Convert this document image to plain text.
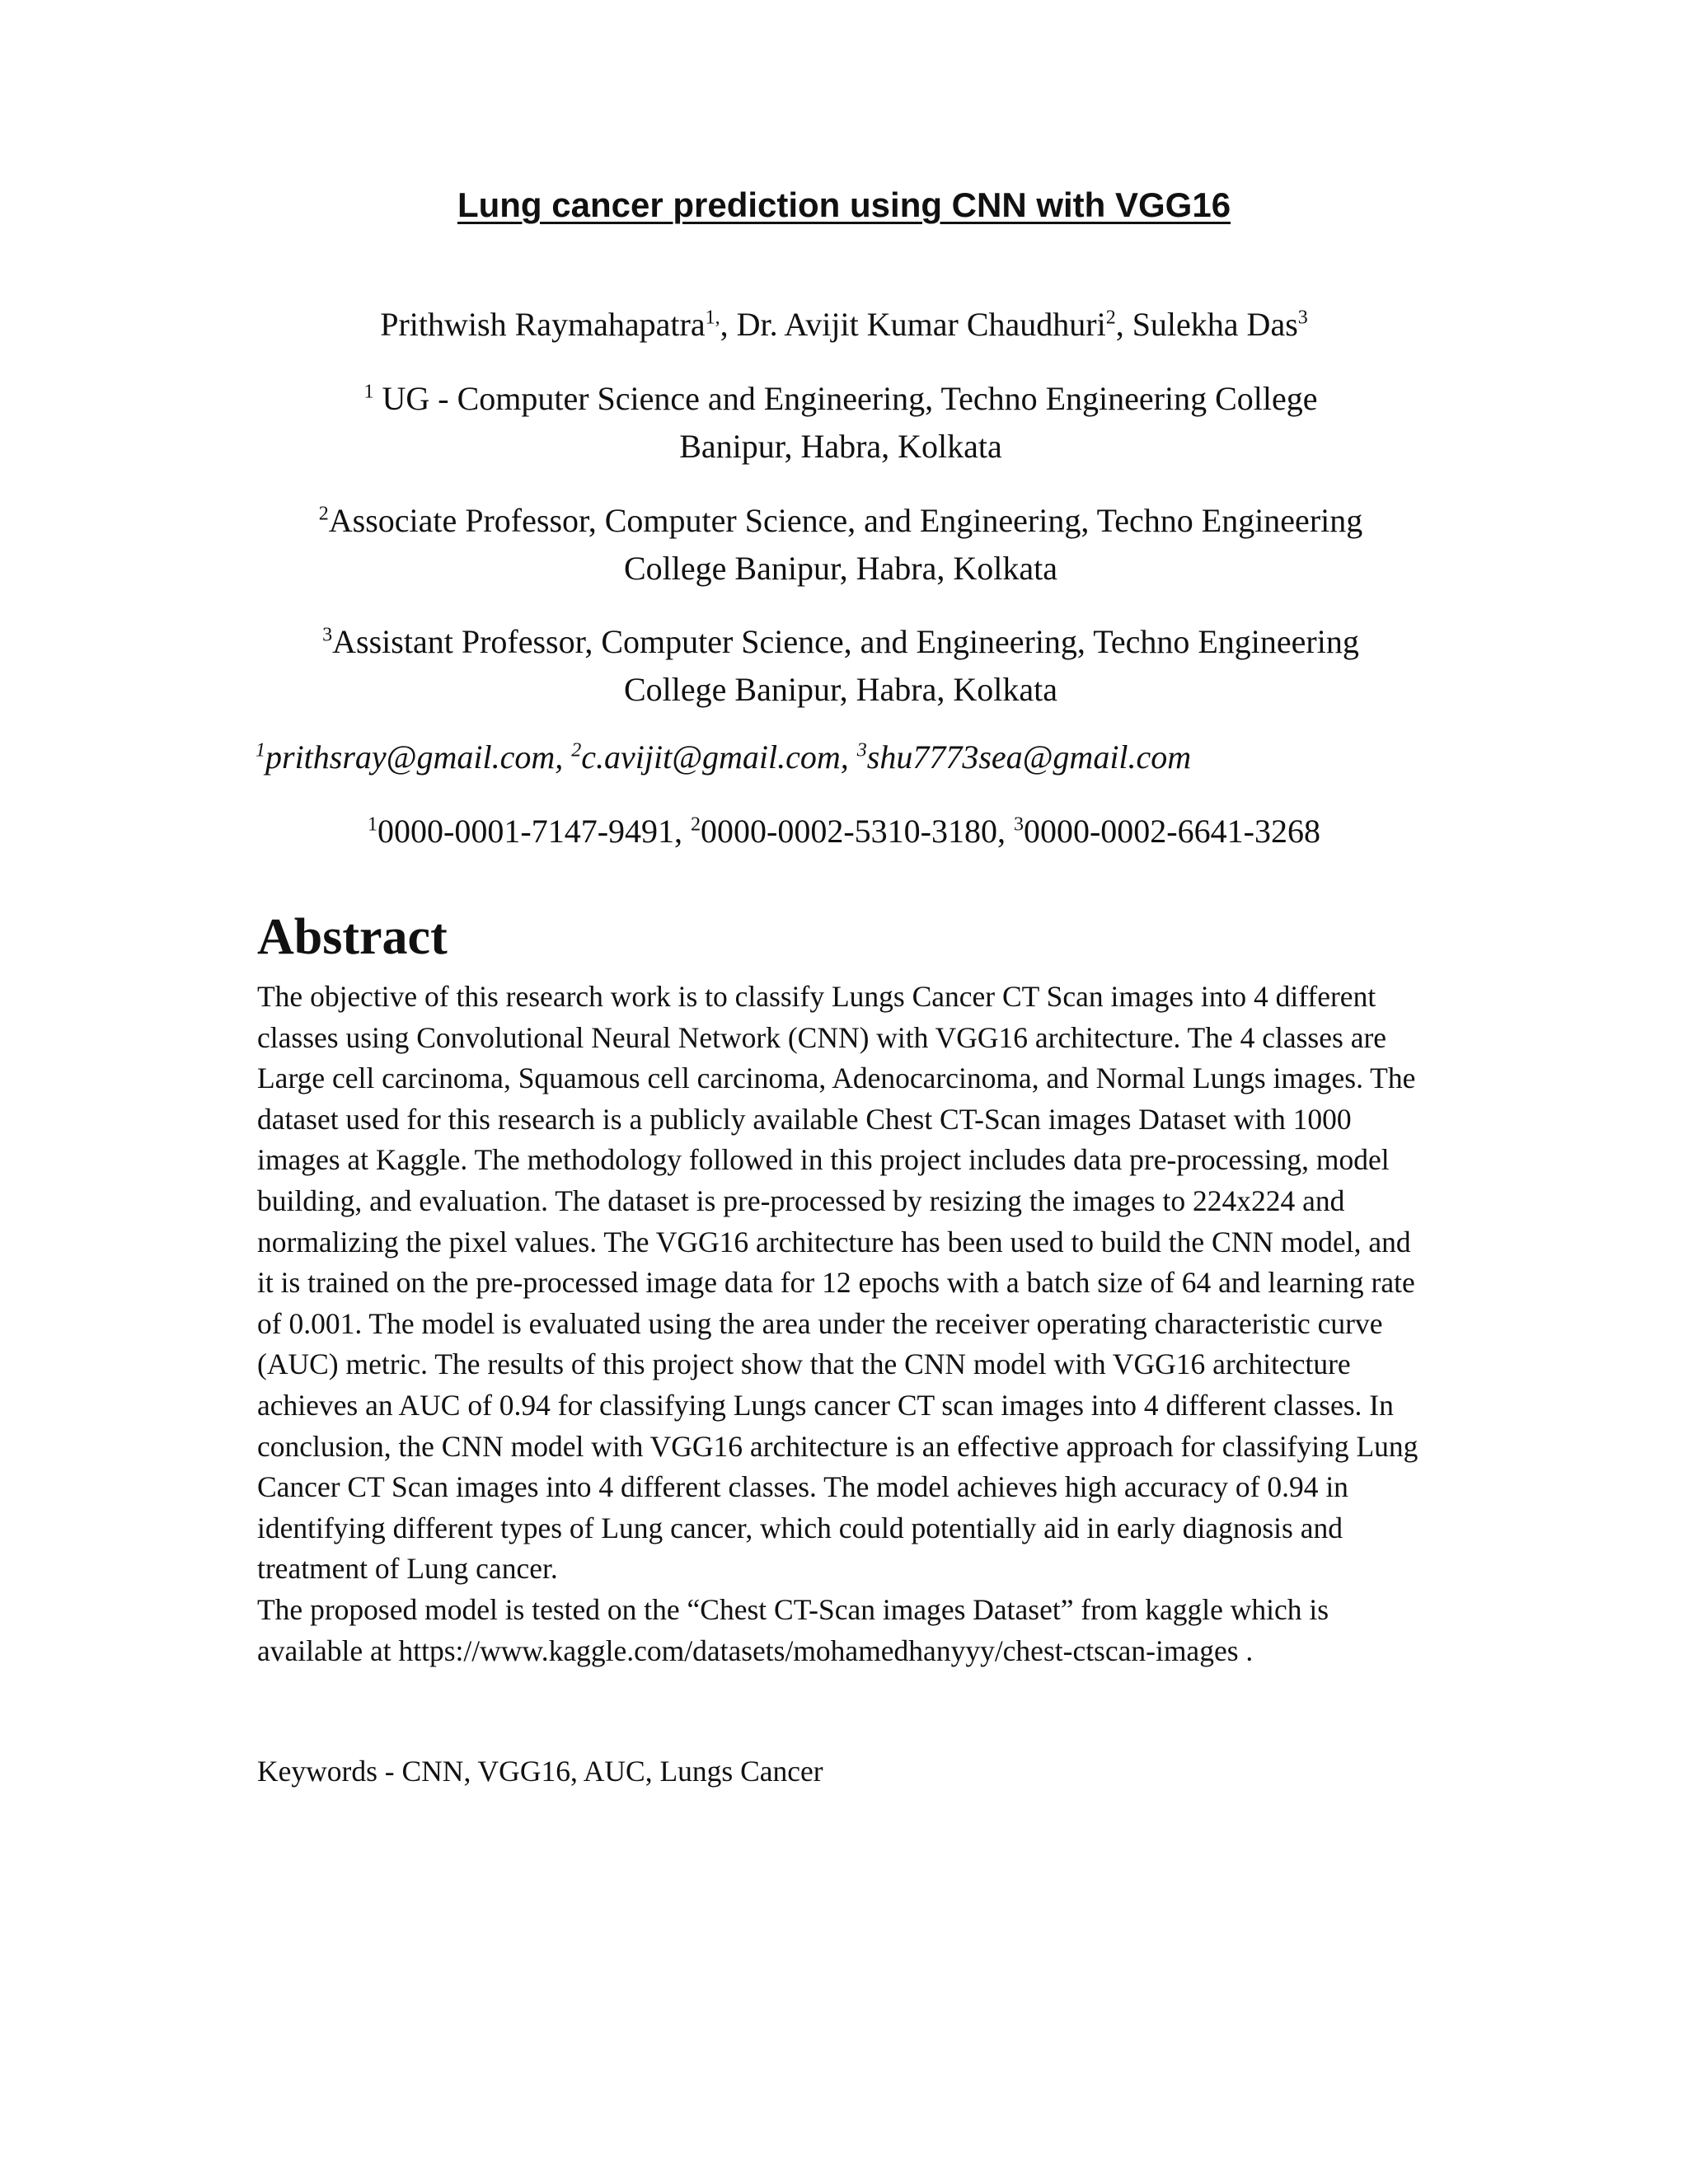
Lung cancer prediction using CNN with VGG16

Prithwish Raymahapatra$^{1,}$, Dr. Avijit Kumar Chaudhuri$^2$, Sulekha Das$^3$

$^1$ UG - Computer Science and Engineering, Techno Engineering College
Banipur, Habra, Kolkata

$^2$Associate Professor, Computer Science, and Engineering, Techno Engineering
College Banipur, Habra, Kolkata

$^3$Assistant Professor, Computer Science, and Engineering, Techno Engineering
College Banipur, Habra, Kolkata

$^1$prithsray@gmail.com, $^2$c.avijit@gmail.com, $^3$shu7773sea@gmail.com

$^1$0000-0001-7147-9491, $^2$0000-0002-5310-3180, $^3$0000-0002-6641-3268

Abstract

The objective of this research work is to classify Lungs Cancer CT Scan images into 4 different classes using Convolutional Neural Network (CNN) with VGG16 architecture. The 4 classes are Large cell carcinoma, Squamous cell carcinoma, Adenocarcinoma, and Normal Lungs images. The dataset used for this research is a publicly available Chest CT-Scan images Dataset with 1000 images at Kaggle. The methodology followed in this project includes data pre-processing, model building, and evaluation. The dataset is pre-processed by resizing the images to 224x224 and normalizing the pixel values. The VGG16 architecture has been used to build the CNN model, and it is trained on the pre-processed image data for 12 epochs with a batch size of 64 and learning rate of 0.001. The model is evaluated using the area under the receiver operating characteristic curve (AUC) metric. The results of this project show that the CNN model with VGG16 architecture achieves an AUC of 0.94 for classifying Lungs cancer CT scan images into 4 different classes. In conclusion, the CNN model with VGG16 architecture is an effective approach for classifying Lung Cancer CT Scan images into 4 different classes. The model achieves high accuracy of 0.94 in identifying different types of Lung cancer, which could potentially aid in early diagnosis and treatment of Lung cancer.

The proposed model is tested on the “Chest CT-Scan images Dataset” from kaggle which is available at https://www.kaggle.com/datasets/mohamedhanyyy/chest-ctscan-images .

Keywords - CNN, VGG16, AUC, Lungs Cancer
